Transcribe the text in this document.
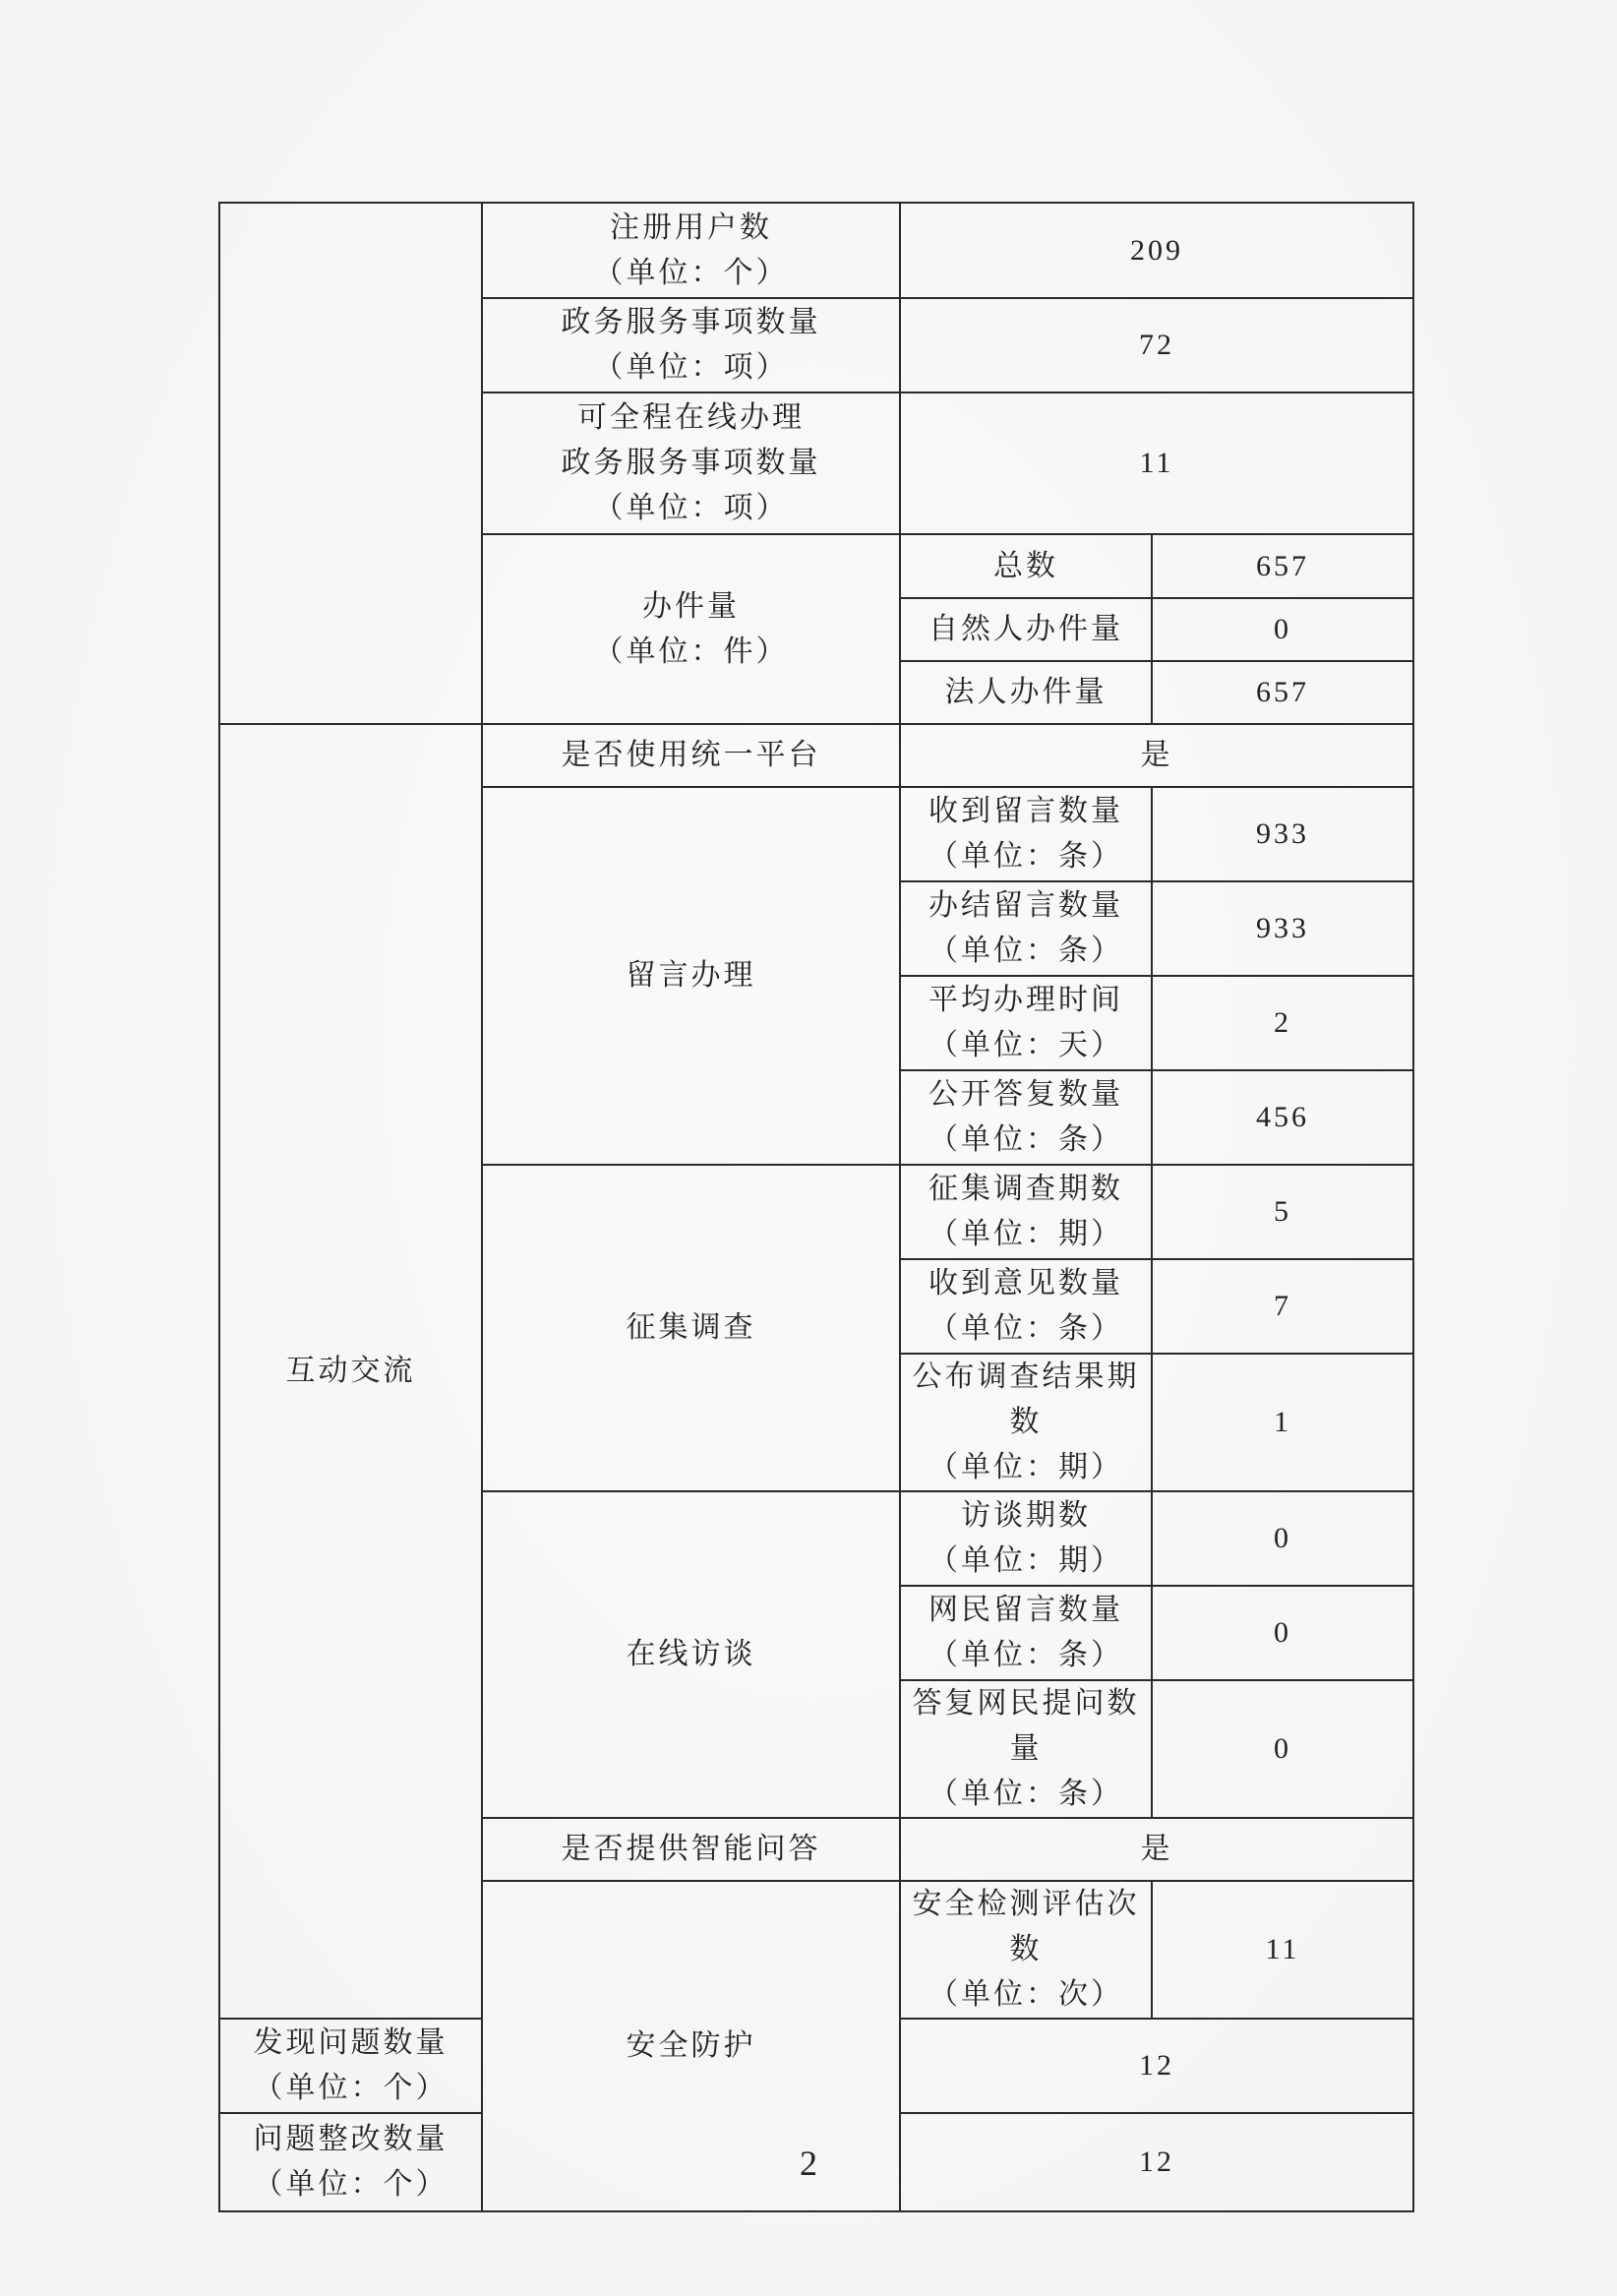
	注册用户数
（单位：个）	209	

	政务服务事项数量
（单位：项）	72	

	可全程在线办理
政务服务事项数量
（单位：项）	11	

	办件量
（单位：件）	总数	657
		自然人办件量	0
		法人办件量	657
互动交流	是否使用统一平台	是	
	留言办理	收到留言数量
（单位：条）	933

		办结留言数量
（单位：条）	933

		平均办理时间
（单位：天）	2

		公开答复数量
（单位：条）	456
	征集调查	征集调查期数
（单位：期）	5

		收到意见数量
（单位：条）	7

		公布调查结果期数
（单位：期）	1
	在线访谈	访谈期数
（单位：期）	0

		网民留言数量
（单位：条）	0

		答复网民提问数量
（单位：条）	0
	是否提供智能问答	是	
	安全防护	安全检测评估次数
（单位：次）	11

发现问题数量
（单位：个）		12	

问题整改数量
（单位：个）		12	
2
